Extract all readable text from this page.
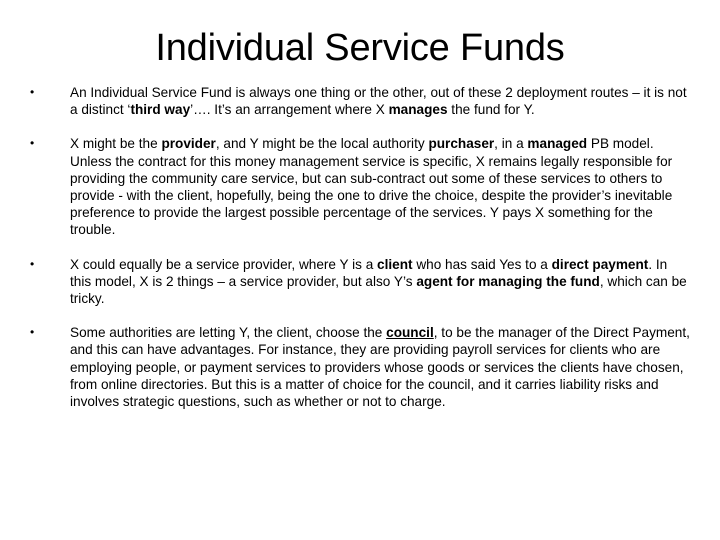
Individual Service Funds
•	An Individual Service Fund is always one thing or the other, out of these 2 deployment routes – it is not a distinct ‘third way’…. It’s an arrangement where X manages the fund for Y.
•	X might be the provider, and Y might be the local authority purchaser, in a managed PB model. Unless the contract for this money management service is specific, X remains legally responsible for providing the community care service, but can sub-contract out some of these services to others to provide - with the client, hopefully, being the one to drive the choice, despite the provider’s inevitable preference to provide the largest possible percentage of the services. Y pays X something for the trouble.
•	X could equally be a service provider, where Y is a client who has said Yes to a direct payment. In this model, X is 2 things – a service provider, but also Y’s agent for managing the fund, which can be tricky.
•	Some authorities are letting Y, the client, choose the council, to be the manager of the Direct Payment, and this can have advantages. For instance, they are providing payroll services for clients who are employing people, or payment services to providers whose goods or services the clients have chosen, from online directories. But this is a matter of choice for the council, and it carries liability risks and involves strategic questions, such as whether or not to charge.
